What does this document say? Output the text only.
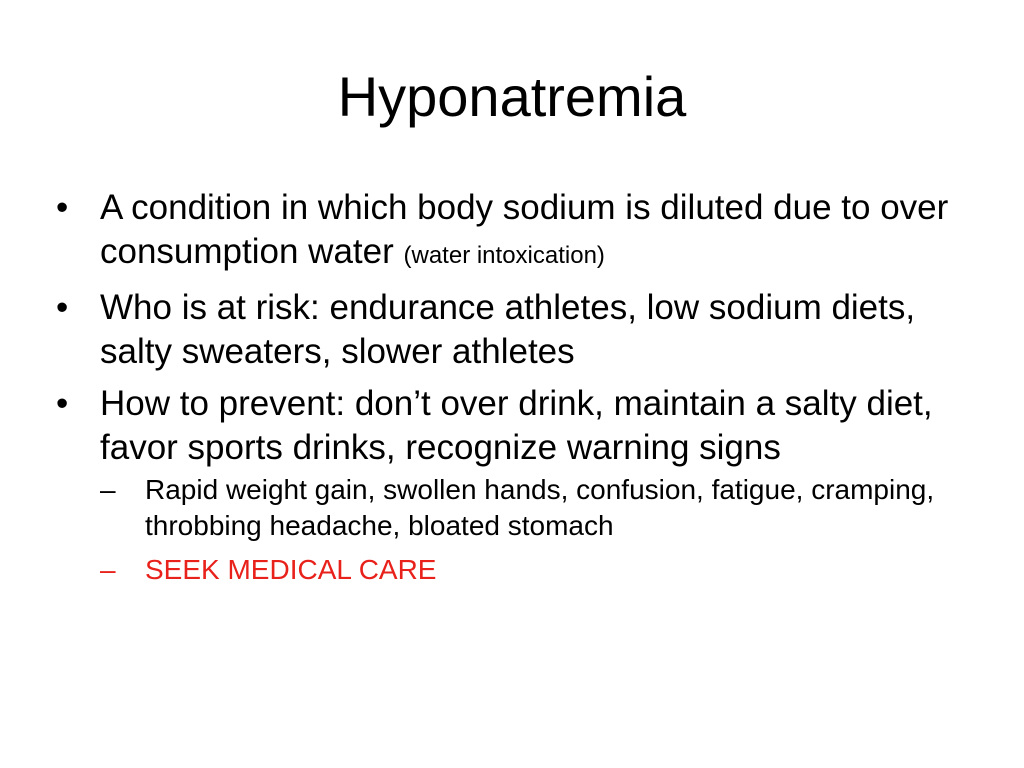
Hyponatremia
• A condition in which body sodium is diluted due to over consumption water (water intoxication)
• Who is at risk: endurance athletes, low sodium diets, salty sweaters, slower athletes
• How to prevent: don’t over drink, maintain a salty diet, favor sports drinks, recognize warning signs
–	Rapid weight gain, swollen hands, confusion, fatigue, cramping, throbbing headache, bloated stomach
–	SEEK MEDICAL CARE
